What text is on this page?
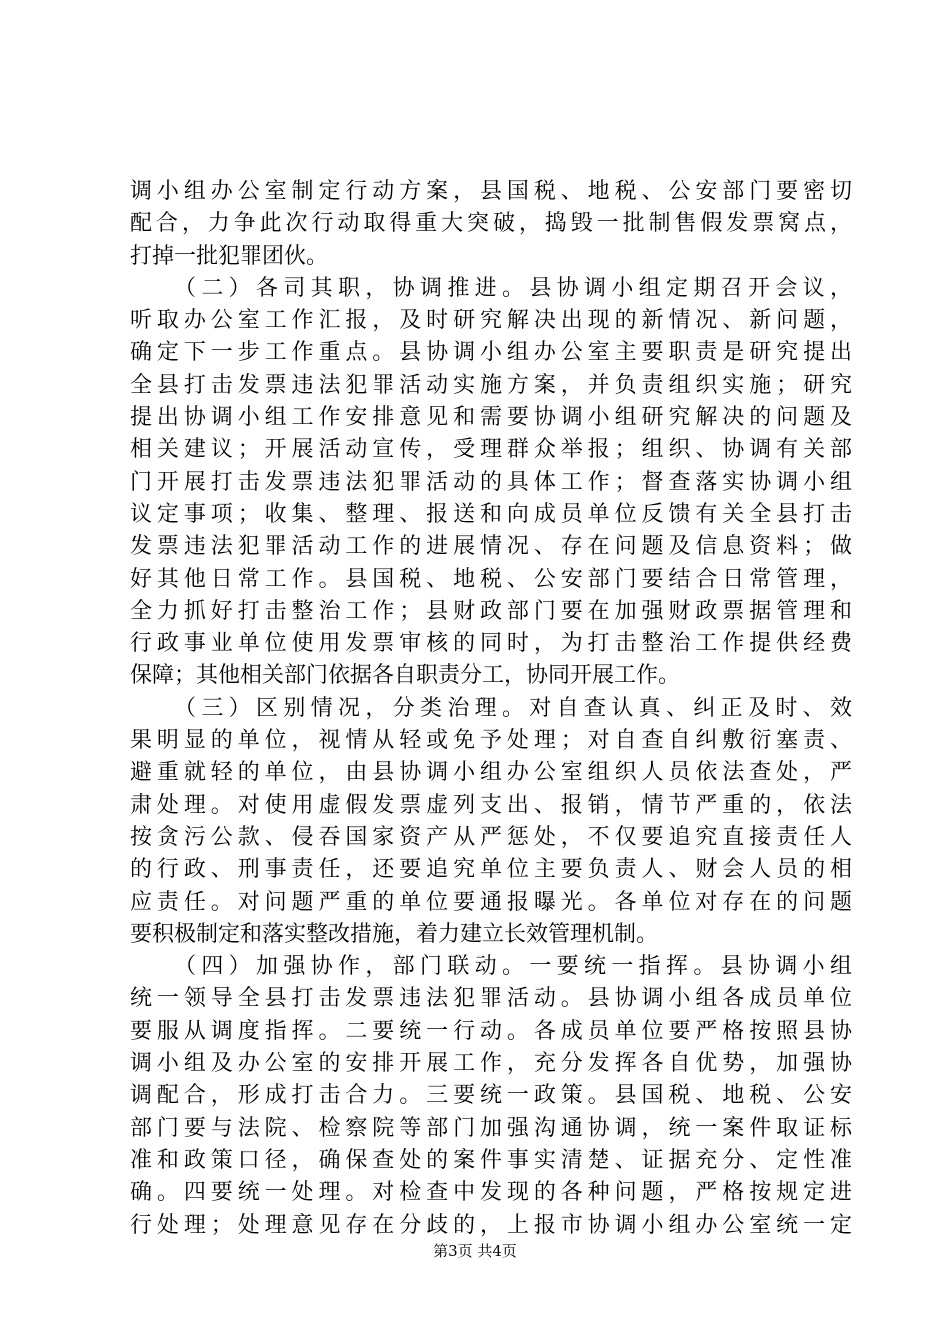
调小组办公室制定行动方案，县国税、地税、公安部门要密切
配合，力争此次行动取得重大突破，捣毁一批制售假发票窝点，
打掉一批犯罪团伙。
（二）各司其职，协调推进。县协调小组定期召开会议，
听取办公室工作汇报，及时研究解决出现的新情况、新问题，
确定下一步工作重点。县协调小组办公室主要职责是研究提出
全县打击发票违法犯罪活动实施方案，并负责组织实施；研究
提出协调小组工作安排意见和需要协调小组研究解决的问题及
相关建议；开展活动宣传，受理群众举报；组织、协调有关部
门开展打击发票违法犯罪活动的具体工作；督查落实协调小组
议定事项；收集、整理、报送和向成员单位反馈有关全县打击
发票违法犯罪活动工作的进展情况、存在问题及信息资料；做
好其他日常工作。县国税、地税、公安部门要结合日常管理，
全力抓好打击整治工作；县财政部门要在加强财政票据管理和
行政事业单位使用发票审核的同时，为打击整治工作提供经费
保障；其他相关部门依据各自职责分工，协同开展工作。
（三）区别情况，分类治理。对自查认真、纠正及时、效
果明显的单位，视情从轻或免予处理；对自查自纠敷衍塞责、
避重就轻的单位，由县协调小组办公室组织人员依法查处，严
肃处理。对使用虚假发票虚列支出、报销，情节严重的，依法
按贪污公款、侵吞国家资产从严惩处，不仅要追究直接责任人
的行政、刑事责任，还要追究单位主要负责人、财会人员的相
应责任。对问题严重的单位要通报曝光。各单位对存在的问题
要积极制定和落实整改措施，着力建立长效管理机制。
（四）加强协作，部门联动。一要统一指挥。县协调小组
统一领导全县打击发票违法犯罪活动。县协调小组各成员单位
要服从调度指挥。二要统一行动。各成员单位要严格按照县协
调小组及办公室的安排开展工作，充分发挥各自优势，加强协
调配合，形成打击合力。三要统一政策。县国税、地税、公安
部门要与法院、检察院等部门加强沟通协调，统一案件取证标
准和政策口径，确保查处的案件事实清楚、证据充分、定性准
确。四要统一处理。对检查中发现的各种问题，严格按规定进
行处理；处理意见存在分歧的，上报市协调小组办公室统一定
第3页 共4页
